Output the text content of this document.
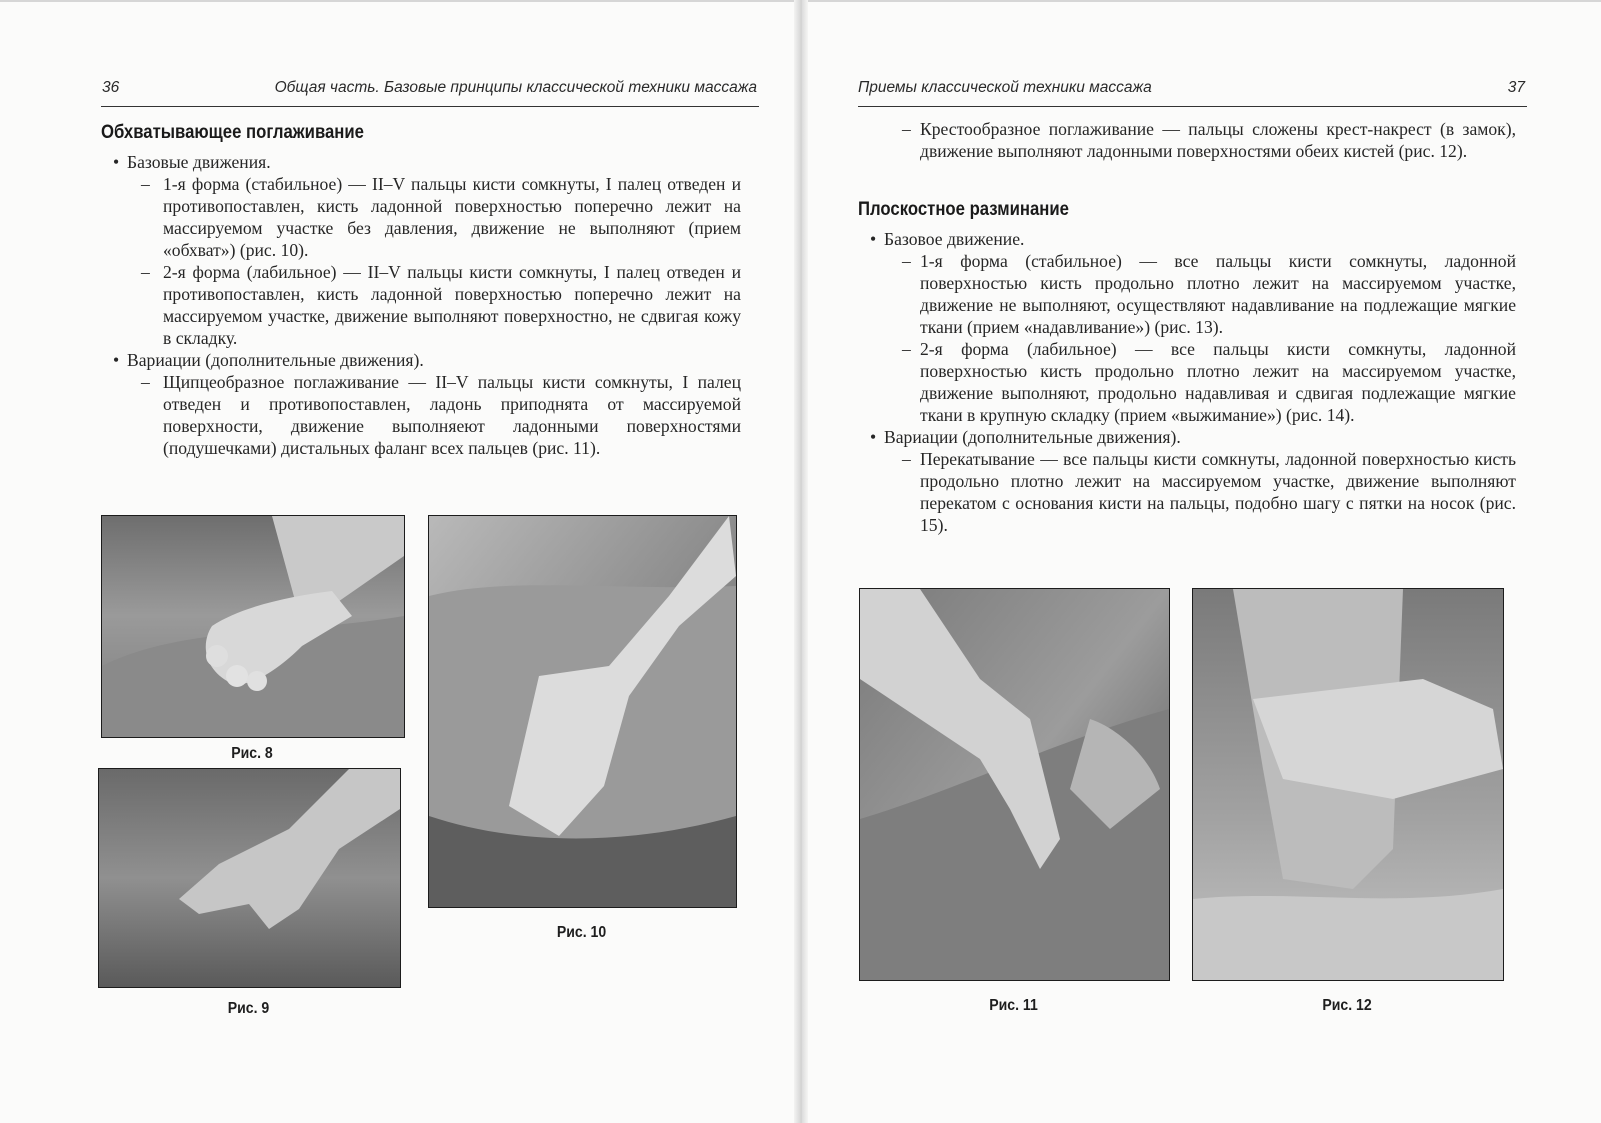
36	Общая часть. Базовые принципы классической техники массажа
Обхватывающее поглаживание

• Базовые движения.

– 1-я форма (стабильное) — II–V пальцы кисти сомкнуты, I палец отведен и противопоставлен, кисть ладонной поверхностью поперечно лежит на массируемом участке без давления, движение не выполняют (прием «обхват») (рис. 10).

– 2-я форма (лабильное) — II–V пальцы кисти сомкнуты, I палец отведен и противопоставлен, кисть ладонной поверхностью поперечно лежит на массируемом участке, движение выполняют поверхностно, не сдвигая кожу в складку.

• Вариации (дополнительные движения).

– Щипцеобразное поглаживание — II–V пальцы кисти сомкнуты, I палец отведен и противопоставлен, ладонь приподнята от массируемой поверхности, движение выполняеют ладонными поверхностями (подушечками) дистальных фаланг всех пальцев (рис. 11).

Рис. 8
Рис. 10
Рис. 9
Приемы классической техники массажа	37

– Крестообразное поглаживание — пальцы сложены крест-накрест (в замок), движение выполняют ладонными поверхностями обеих кистей (рис. 12).

Плоскостное разминание

• Базовое движение.

– 1-я форма (стабильное) — все пальцы кисти сомкнуты, ладонной поверхностью кисть продольно плотно лежит на массируемом участке, движение не выполняют, осуществляют надавливание на подлежащие мягкие ткани (прием «надавливание») (рис. 13).

– 2-я форма (лабильное) — все пальцы кисти сомкнуты, ладонной поверхностью кисть продольно плотно лежит на массируемом участке, движение выполняют, продольно надавливая и сдвигая подлежащие мягкие ткани в крупную складку (прием «выжимание») (рис. 14).

• Вариации (дополнительные движения).

– Перекатывание — все пальцы кисти сомкнуты, ладонной поверхностью кисть продольно плотно лежит на массируемом участке, движение выполняют перекатом с основания кисти на пальцы, подобно шагу с пятки на носок (рис. 15).

Рис. 11	Рис. 12
